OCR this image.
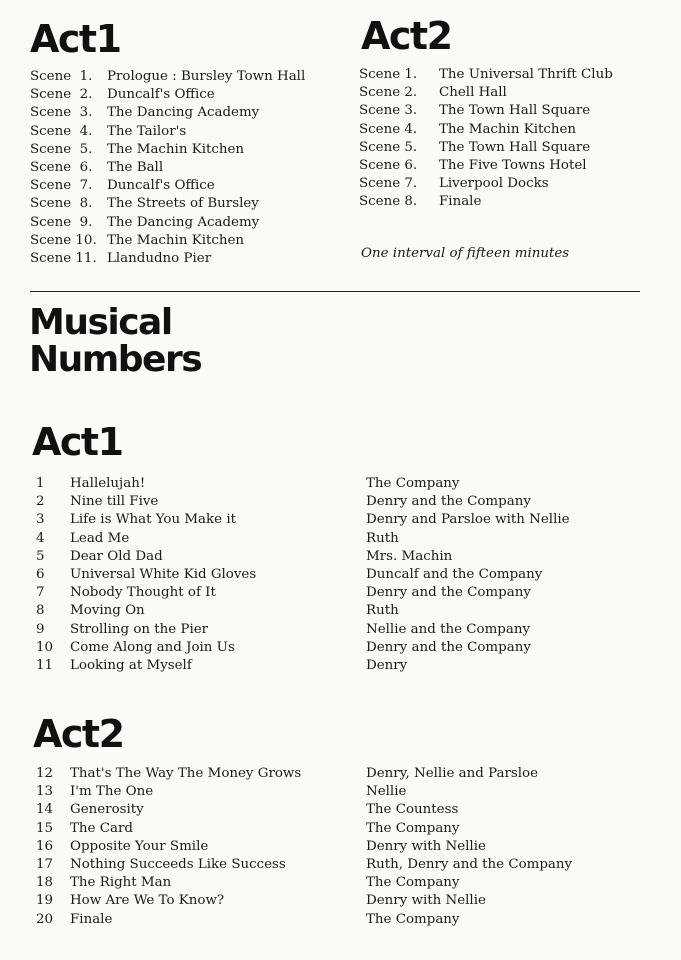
Act1
Scene  1. Prologue : Bursley Town Hall
Scene  2. Duncalf's Office
Scene  3. The Dancing Academy
Scene  4. The Tailor's
Scene  5. The Machin Kitchen
Scene  6. The Ball
Scene  7. Duncalf's Office
Scene  8. The Streets of Bursley
Scene  9. The Dancing Academy
Scene 10. The Machin Kitchen
Scene 11. Llandudno Pier
Act2
Scene 1. The Universal Thrift Club
Scene 2. Chell Hall
Scene 3. The Town Hall Square
Scene 4. The Machin Kitchen
Scene 5. The Town Hall Square
Scene 6. The Five Towns Hotel
Scene 7. Liverpool Docks
Scene 8. Finale
One interval of fifteen minutes
Musical
Numbers
Act1
1 Hallelujah!	The Company
2 Nine till Five	Denry and the Company
3 Life is What You Make it	Denry and Parsloe with Nellie
4 Lead Me	Ruth
5 Dear Old Dad	Mrs. Machin
6 Universal White Kid Gloves	Duncalf and the Company
7 Nobody Thought of It	Denry and the Company
8 Moving On	Ruth
9 Strolling on the Pier	Nellie and the Company
10 Come Along and Join Us	Denry and the Company
11 Looking at Myself	Denry
Act2
12 That's The Way The Money Grows	Denry, Nellie and Parsloe
13 I'm The One	Nellie
14 Generosity	The Countess
15 The Card	The Company
16 Opposite Your Smile	Denry with Nellie
17 Nothing Succeeds Like Success	Ruth, Denry and the Company
18 The Right Man	The Company
19 How Are We To Know?	Denry with Nellie
20 Finale	The Company
